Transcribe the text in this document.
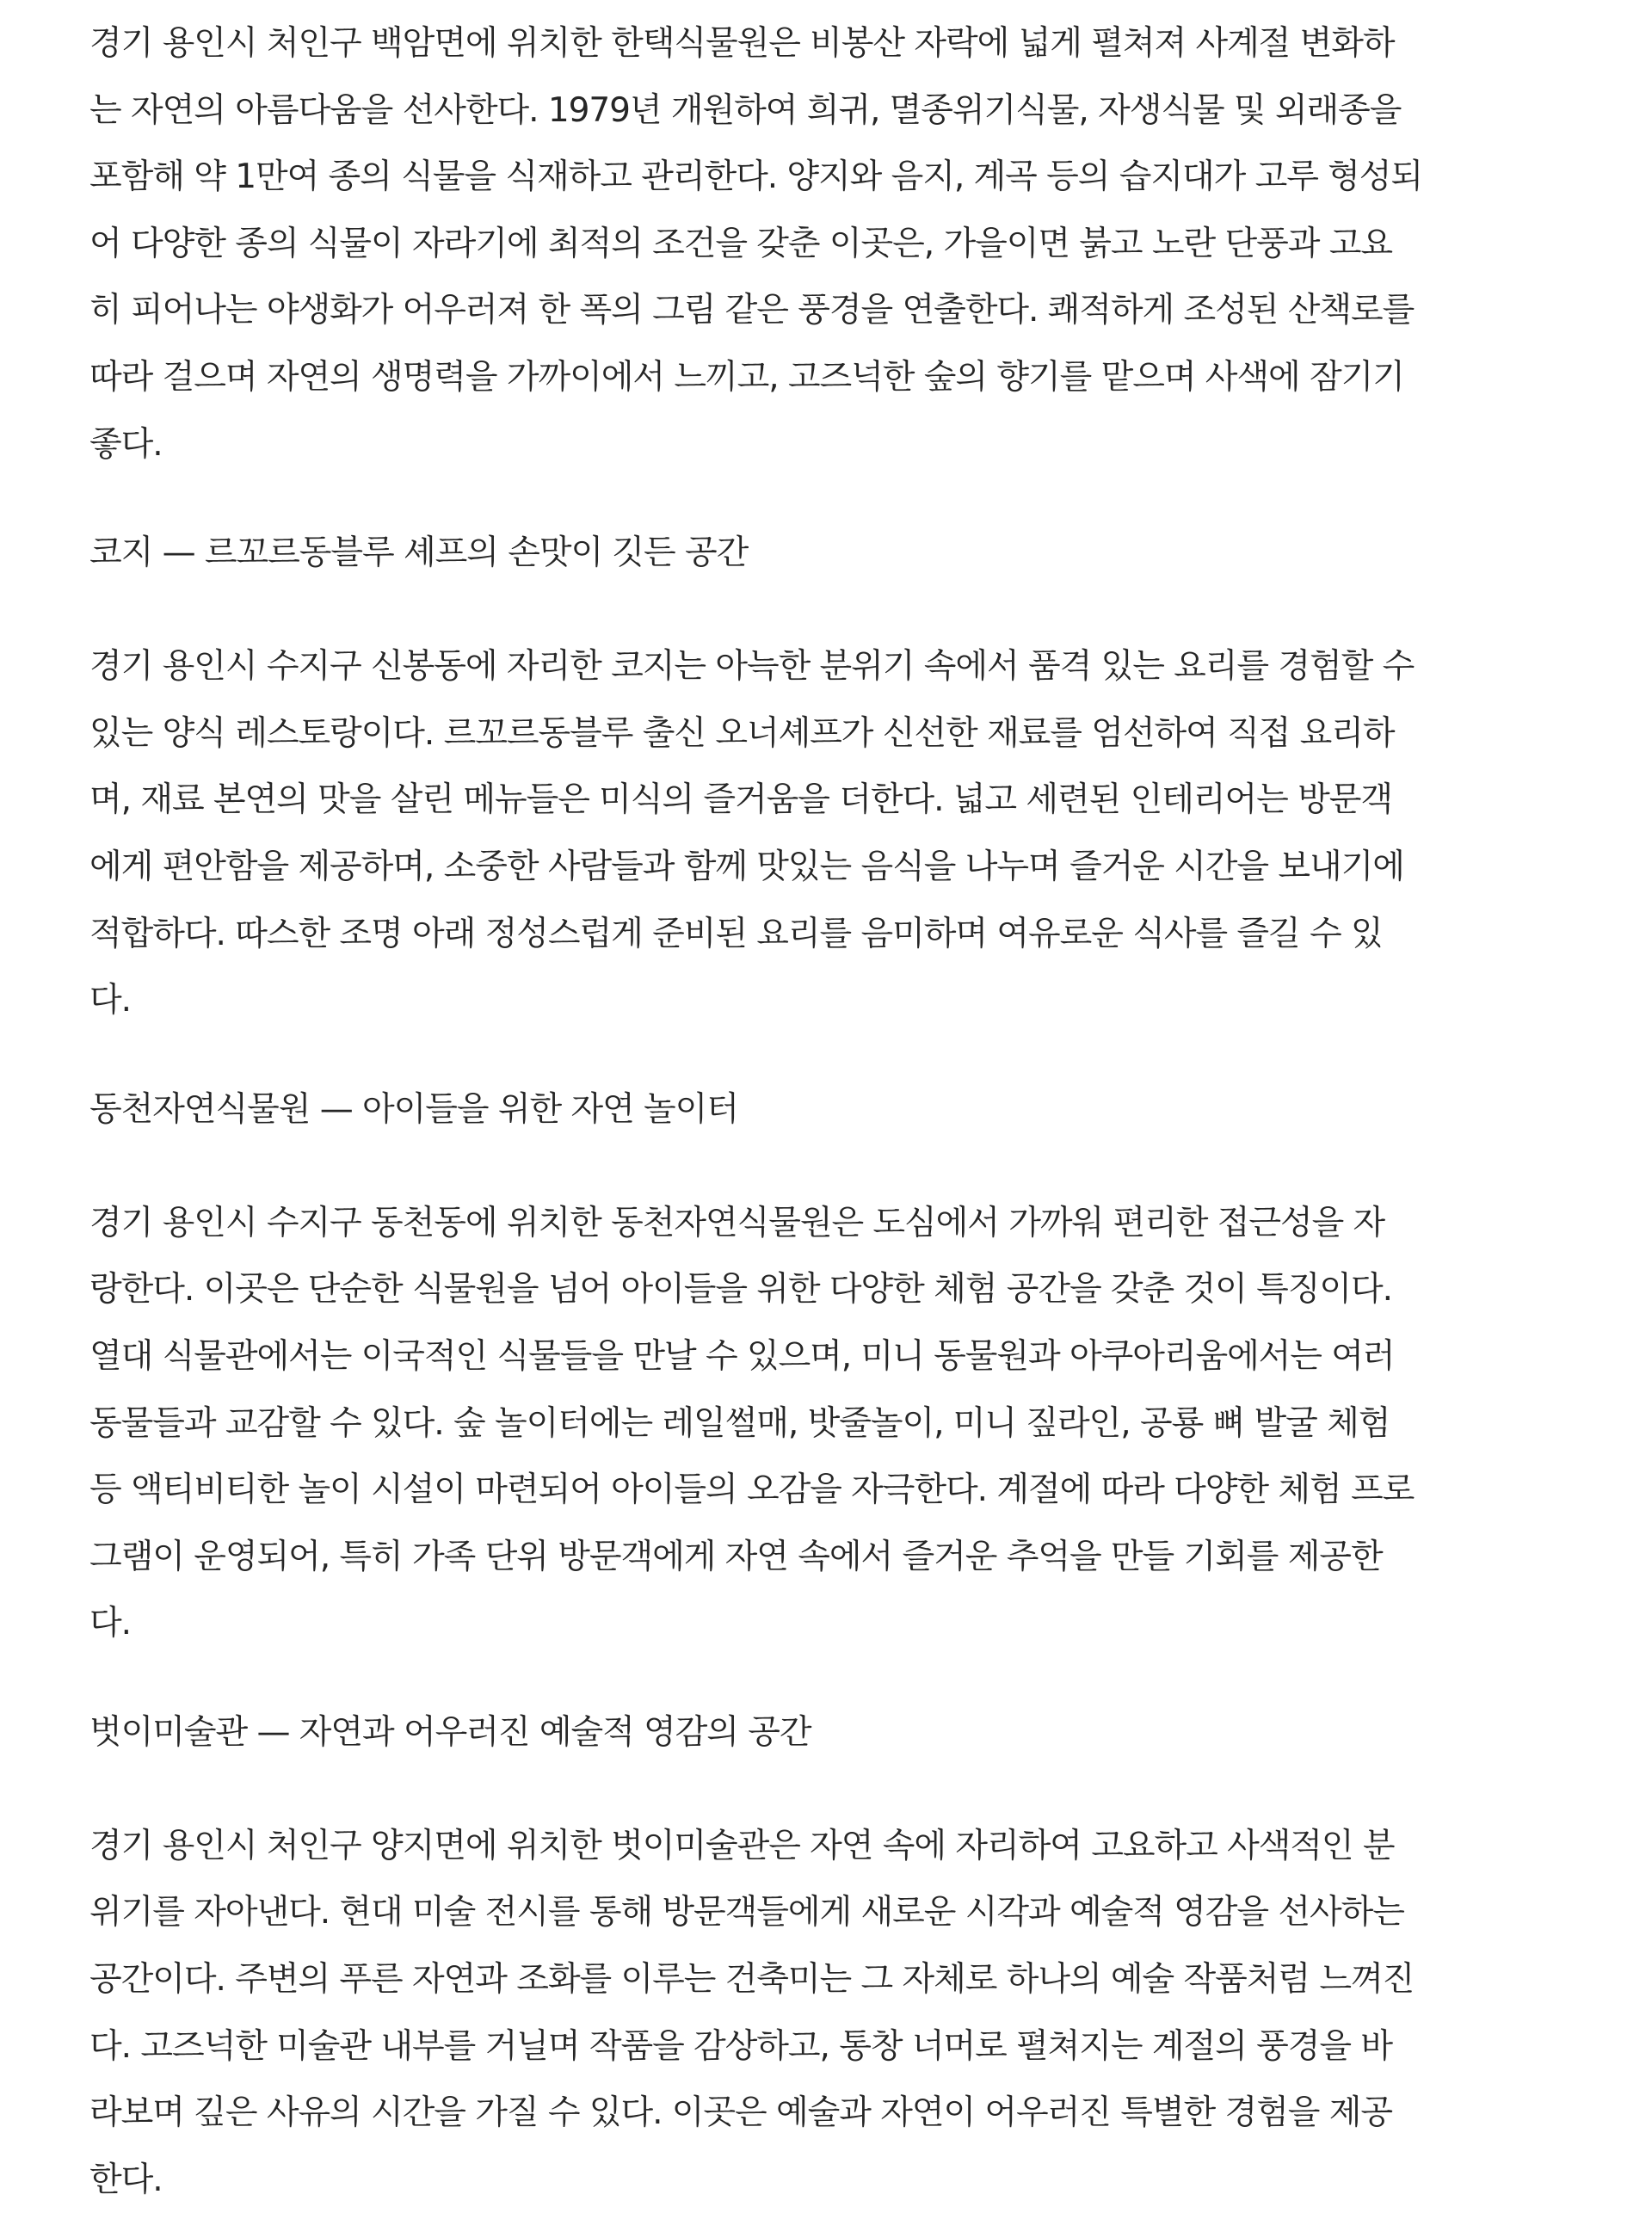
경기 용인시 처인구 백암면에 위치한 한택식물원은 비봉산 자락에 넓게 펼쳐져 사계절 변화하
는 자연의 아름다움을 선사한다. 1979년 개원하여 희귀, 멸종위기식물, 자생식물 및 외래종을
포함해 약 1만여 종의 식물을 식재하고 관리한다. 양지와 음지, 계곡 등의 습지대가 고루 형성되
어 다양한 종의 식물이 자라기에 최적의 조건을 갖춘 이곳은, 가을이면 붉고 노란 단풍과 고요
히 피어나는 야생화가 어우러져 한 폭의 그림 같은 풍경을 연출한다. 쾌적하게 조성된 산책로를
따라 걸으며 자연의 생명력을 가까이에서 느끼고, 고즈넉한 숲의 향기를 맡으며 사색에 잠기기
좋다.

코지 — 르꼬르동블루 셰프의 손맛이 깃든 공간

경기 용인시 수지구 신봉동에 자리한 코지는 아늑한 분위기 속에서 품격 있는 요리를 경험할 수
있는 양식 레스토랑이다. 르꼬르동블루 출신 오너셰프가 신선한 재료를 엄선하여 직접 요리하
며, 재료 본연의 맛을 살린 메뉴들은 미식의 즐거움을 더한다. 넓고 세련된 인테리어는 방문객
에게 편안함을 제공하며, 소중한 사람들과 함께 맛있는 음식을 나누며 즐거운 시간을 보내기에
적합하다. 따스한 조명 아래 정성스럽게 준비된 요리를 음미하며 여유로운 식사를 즐길 수 있
다.

동천자연식물원 — 아이들을 위한 자연 놀이터

경기 용인시 수지구 동천동에 위치한 동천자연식물원은 도심에서 가까워 편리한 접근성을 자
랑한다. 이곳은 단순한 식물원을 넘어 아이들을 위한 다양한 체험 공간을 갖춘 것이 특징이다.
열대 식물관에서는 이국적인 식물들을 만날 수 있으며, 미니 동물원과 아쿠아리움에서는 여러
동물들과 교감할 수 있다. 숲 놀이터에는 레일썰매, 밧줄놀이, 미니 짚라인, 공룡 뼈 발굴 체험
등 액티비티한 놀이 시설이 마련되어 아이들의 오감을 자극한다. 계절에 따라 다양한 체험 프로
그램이 운영되어, 특히 가족 단위 방문객에게 자연 속에서 즐거운 추억을 만들 기회를 제공한
다.

벗이미술관 — 자연과 어우러진 예술적 영감의 공간

경기 용인시 처인구 양지면에 위치한 벗이미술관은 자연 속에 자리하여 고요하고 사색적인 분
위기를 자아낸다. 현대 미술 전시를 통해 방문객들에게 새로운 시각과 예술적 영감을 선사하는
공간이다. 주변의 푸른 자연과 조화를 이루는 건축미는 그 자체로 하나의 예술 작품처럼 느껴진
다. 고즈넉한 미술관 내부를 거닐며 작품을 감상하고, 통창 너머로 펼쳐지는 계절의 풍경을 바
라보며 깊은 사유의 시간을 가질 수 있다. 이곳은 예술과 자연이 어우러진 특별한 경험을 제공
한다.
